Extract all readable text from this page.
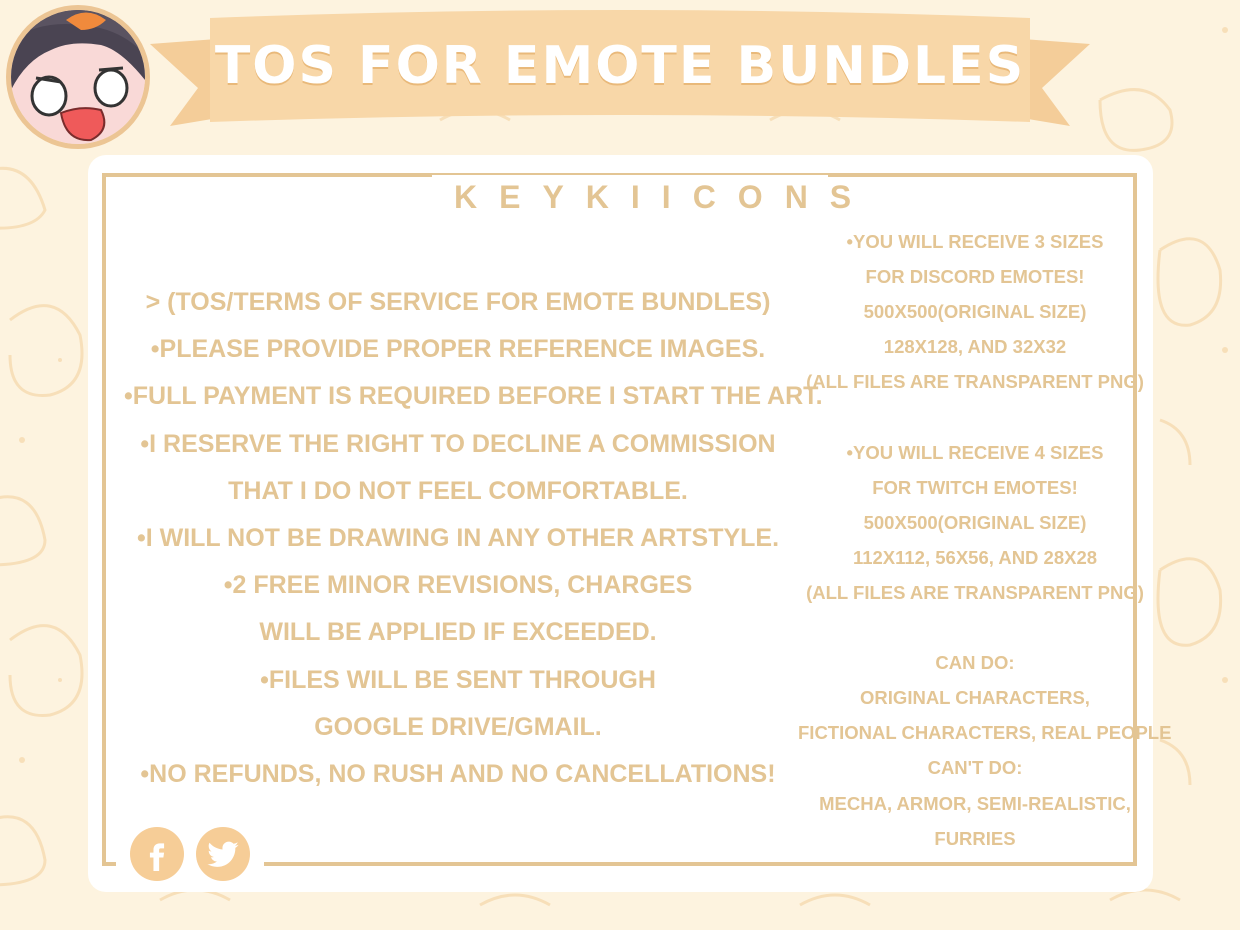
TOS FOR EMOTE BUNDLES
KEYKIICONS
> (TOS/TERMS OF SERVICE FOR EMOTE BUNDLES)
•PLEASE PROVIDE PROPER REFERENCE IMAGES.
•FULL PAYMENT IS REQUIRED BEFORE I START THE ART.
•I RESERVE THE RIGHT TO DECLINE A COMMISSION
THAT I DO NOT FEEL COMFORTABLE.
•I WILL NOT BE DRAWING IN ANY OTHER ARTSTYLE.
•2 FREE MINOR REVISIONS, CHARGES
WILL BE APPLIED IF EXCEEDED.
•FILES WILL BE SENT THROUGH
GOOGLE DRIVE/GMAIL.
•NO REFUNDS, NO RUSH AND NO CANCELLATIONS!
•YOU WILL RECEIVE 3 SIZES
FOR DISCORD EMOTES!
500X500(ORIGINAL SIZE)
128X128, AND 32X32
(ALL FILES ARE TRANSPARENT PNG)
•YOU WILL RECEIVE 4 SIZES
FOR TWITCH EMOTES!
500X500(ORIGINAL SIZE)
112X112, 56X56, AND 28X28
(ALL FILES ARE TRANSPARENT PNG)
CAN DO:
ORIGINAL CHARACTERS,
FICTIONAL CHARACTERS, REAL PEOPLE
CAN'T DO:
MECHA, ARMOR, SEMI-REALISTIC,
FURRIES
